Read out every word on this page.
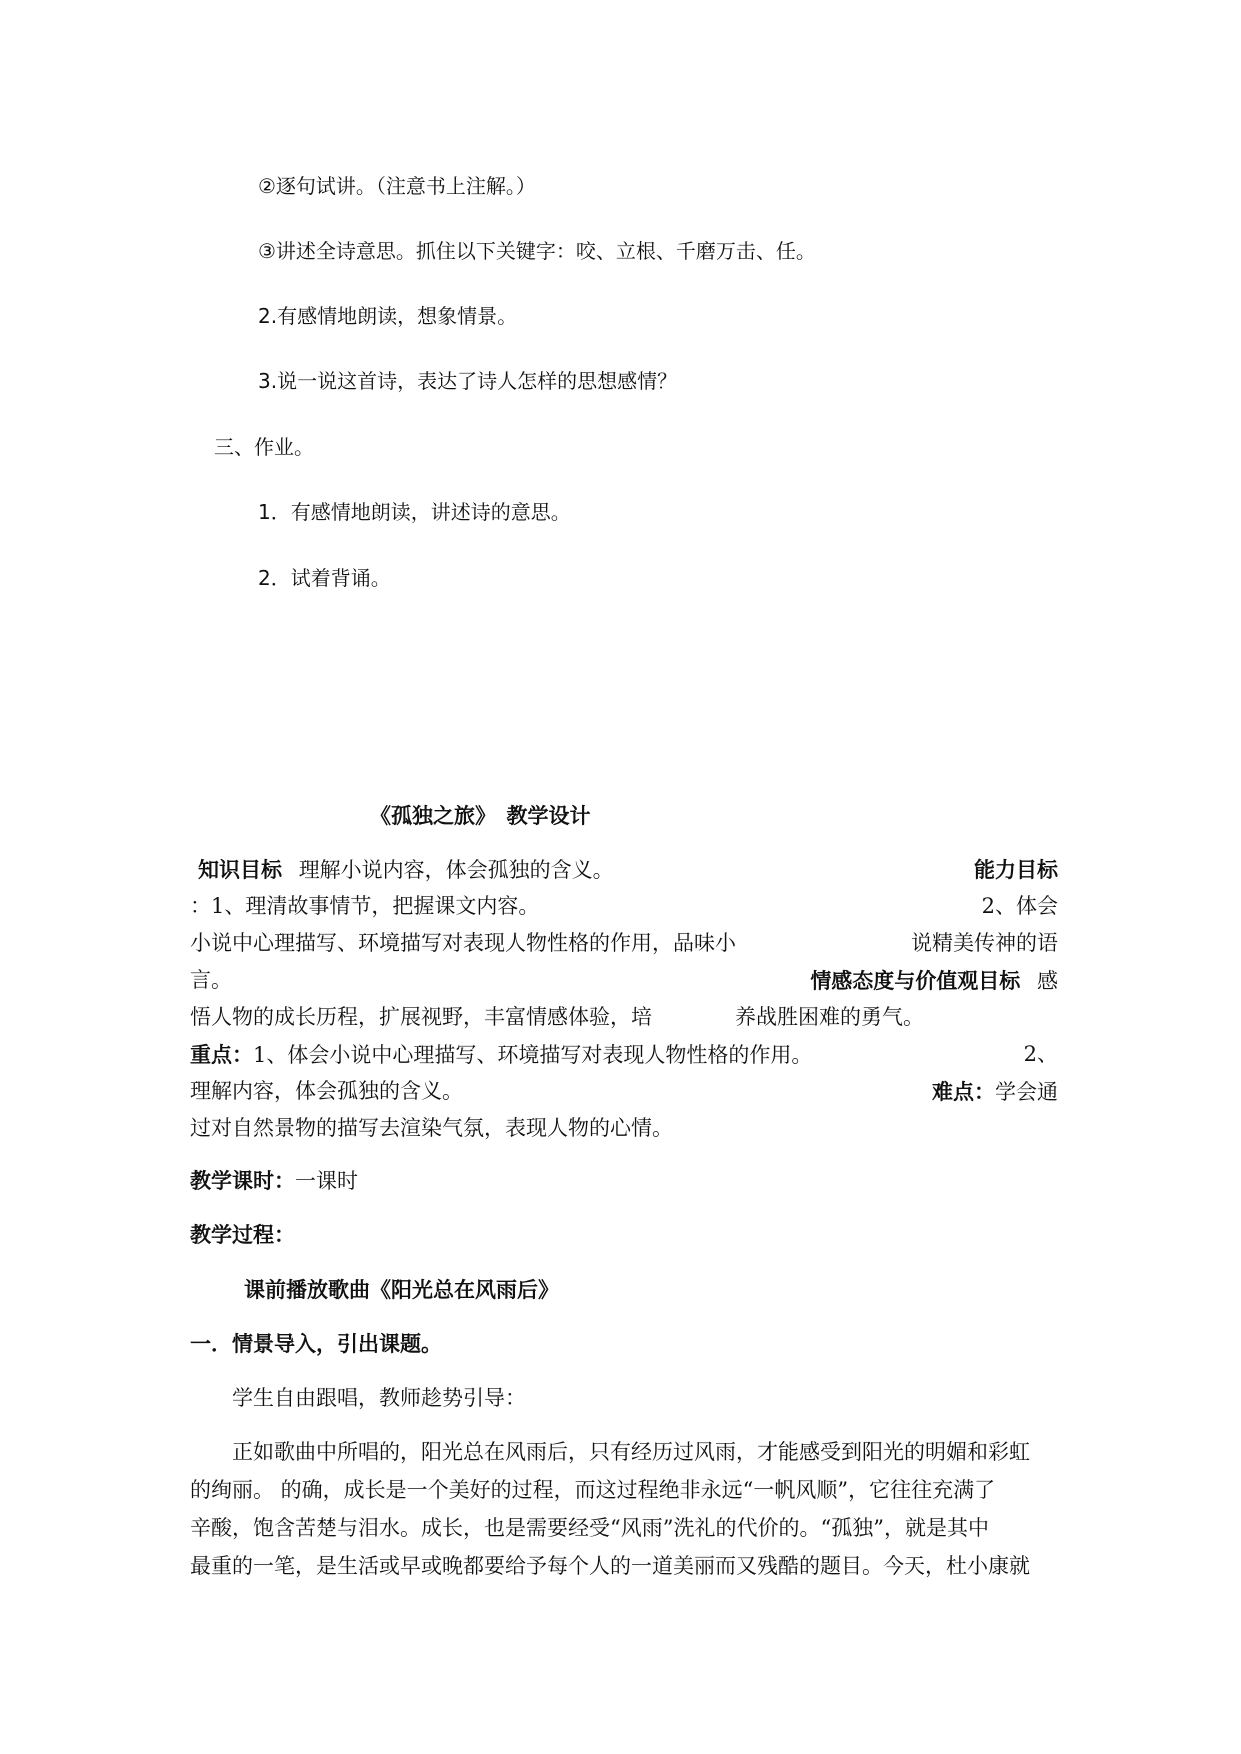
②逐句试讲。（注意书上注解。）
③讲述全诗意思。抓住以下关键字：咬、立根、千磨万击、任。
2.有感情地朗读，想象情景。
3.说一说这首诗，表达了诗人怎样的思想感情？
三、作业。
1．有感情地朗读，讲述诗的意思。
2．试着背诵。
《孤独之旅》　教学设计
知识目标 理解小说内容，体会孤独的含义。	能力目标
：1、理清故事情节，把握课文内容。	2、体会
小说中心理描写、环境描写对表现人物性格的作用，品味小	说精美传神的语
言。	情感态度与价值观目标 感
悟人物的成长历程，扩展视野，丰富情感体验，培	养战胜困难的勇气。
重点：1、体会小说中心理描写、环境描写对表现人物性格的作用。	2、
理解内容，体会孤独的含义。	难点：学会通
过对自然景物的描写去渲染气氛，表现人物的心情。
教学课时：一课时
教学过程：
课前播放歌曲《阳光总在风雨后》
一．情景导入，引出课题。
学生自由跟唱，教师趁势引导：
正如歌曲中所唱的，阳光总在风雨后，只有经历过风雨，才能感受到阳光的明媚和彩虹
的绚丽。 的确，成长是一个美好的过程，而这过程绝非永远“一帆风顺”，它往往充满了
辛酸，饱含苦楚与泪水。成长，也是需要经受“风雨”洗礼的代价的。“孤独”，就是其中
最重的一笔，是生活或早或晚都要给予每个人的一道美丽而又残酷的题目。今天，杜小康就
